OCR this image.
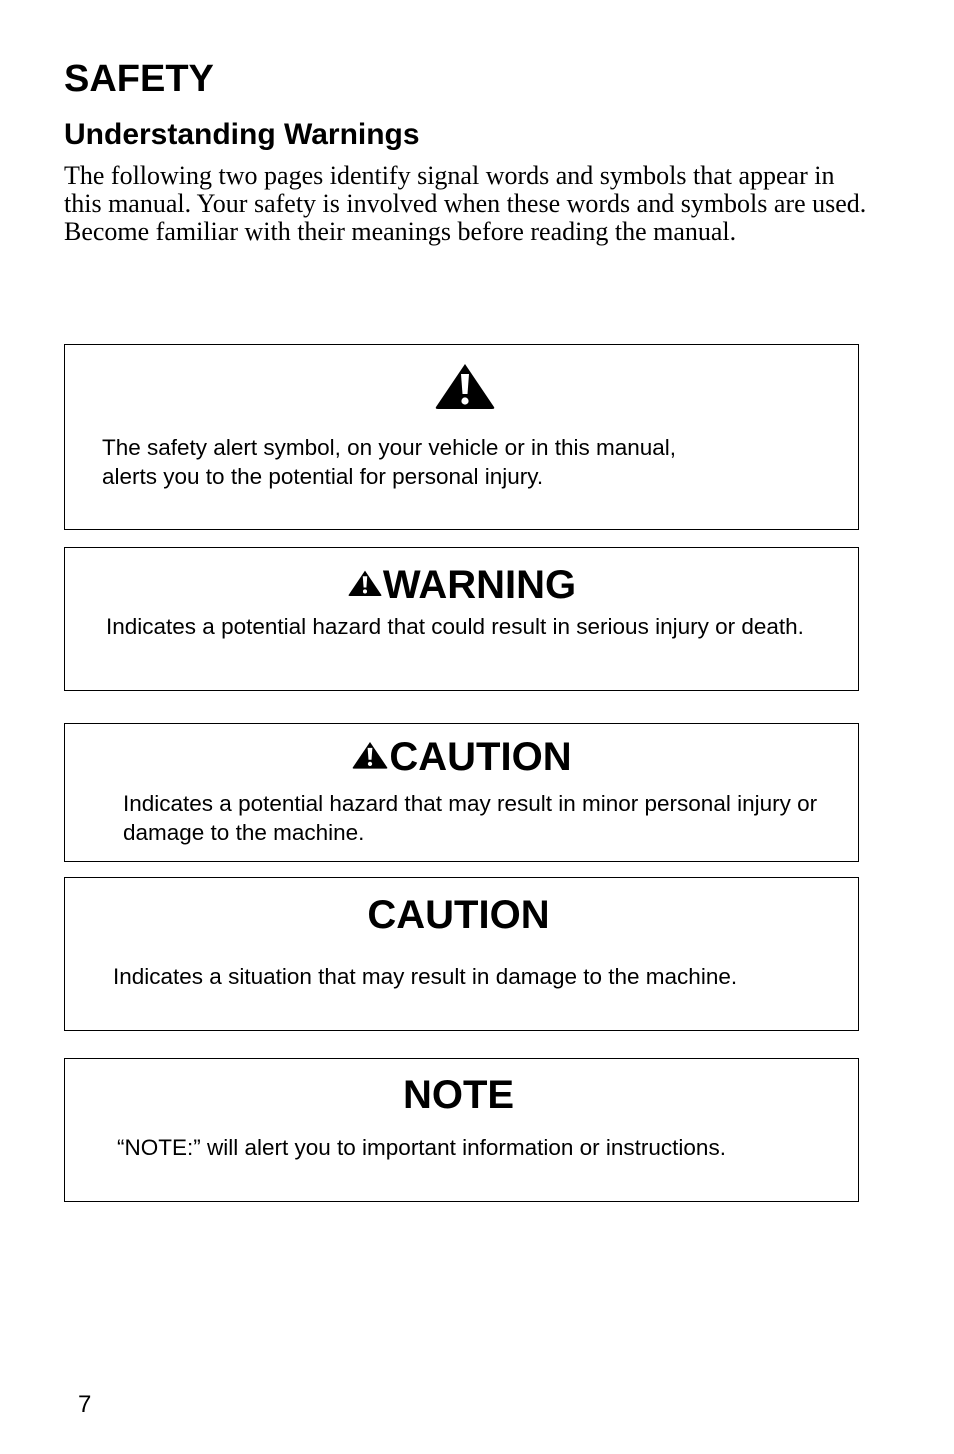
SAFETY
Understanding Warnings

The following two pages identify signal words and symbols that appear in this manual. Your safety is involved when these words and symbols are used. Become familiar with their meanings before reading the manual.

The safety alert symbol, on your vehicle or in this manual,

alerts you to the potential for personal injury.

WARNING

Indicates a potential hazard that could result in serious injury or death.

CAUTION

Indicates a potential hazard that may result in minor personal injury or damage to the machine.

CAUTION

Indicates a situation that may result in damage to the machine.

NOTE

“NOTE:” will alert you to important information or instructions.

7
